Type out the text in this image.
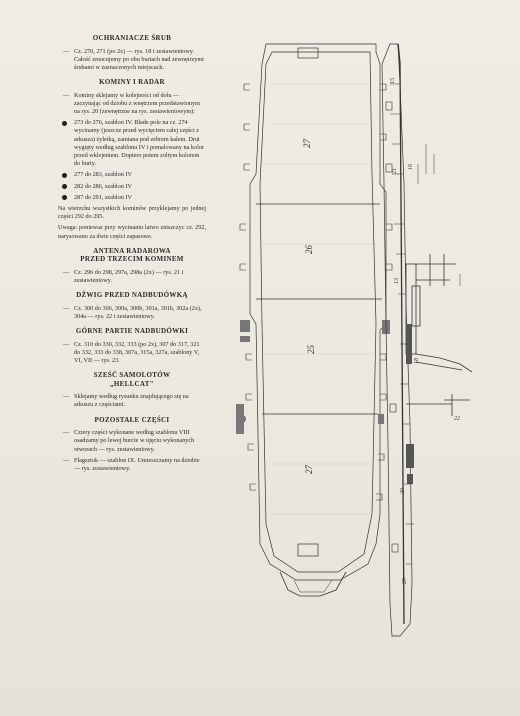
OCHRANIACZE ŚRUB
— Cz. 270, 271 (po 2x) — rys. 18 i zestawieniowy. Całość zmocujemy po obu burtach nad zewnętrzymi śrubami w zaznaczonych miejscach.
KOMINY I RADAR
— Kominy sklejamy w kolejności od dołu — zaczynając od dziobu z wnętrzem przedstawionym na rys. 20 (zewnętrzne na rys. zestawieniowym):
273 do 276, szablon IV. Blade pole na cz. 274 wycinamy (jeszcze przed wycięciem całej części z arkusza) żyletką, zamiana pod zebrem kalem. Drut wygięty według szablonu IV i pomalowany na kolor przed wklejeniem. Dopiero potem zoltym kolorem do burty.
277 do 283, szablon IV
282 do 286, szablon IV
287 do 291, szablon IV
Na wierzchu wszystkich kominów przyklejamy po jednej części 292 do 295.
Uwaga: poniewaz przy wycinaniu latwo zniszczyc cz. 292, narysowano za dwie części zapasowe.
ANTENA RADAROWA
PRZED TRZECIM KOMINEM
— Cz. 296 do 298, 297a, 298a (2x) — rys. 21 i zestawieniowy.
DŹWIG PRZED NADBUDÓWKĄ
— Cz. 300 do 306, 300a, 300b, 301a, 301b, 302a (2x), 304a — rys. 22 i zestawieniowy.
GÓRNE PARTIE NADBUDÓWKI
— Cz. 310 do 330, 332, 333 (po 2x), 307 do 317, 321 do 332, 333 do 338, 307a, 315a, 327a, szablony V, VI, VII — rys. 23.
SZEŚĆ SAMOLOTÓW
„HELLCAT"
— Sklejamy według rysunku znajdującego się na arkuszu z częściami.
POZOSTAŁE CZĘŚCI
— Cztery części wykonane według szablonu VIII osadzamy po lewej burcie w ujęciu wykonanych otworach — rys. zestawieniowy.
— Flagsztok — szablon IX. Umieszczamy na dziobie — rys. zestawieniowy.
27
26
25
27
15
21
16
13
18
22
20
20
